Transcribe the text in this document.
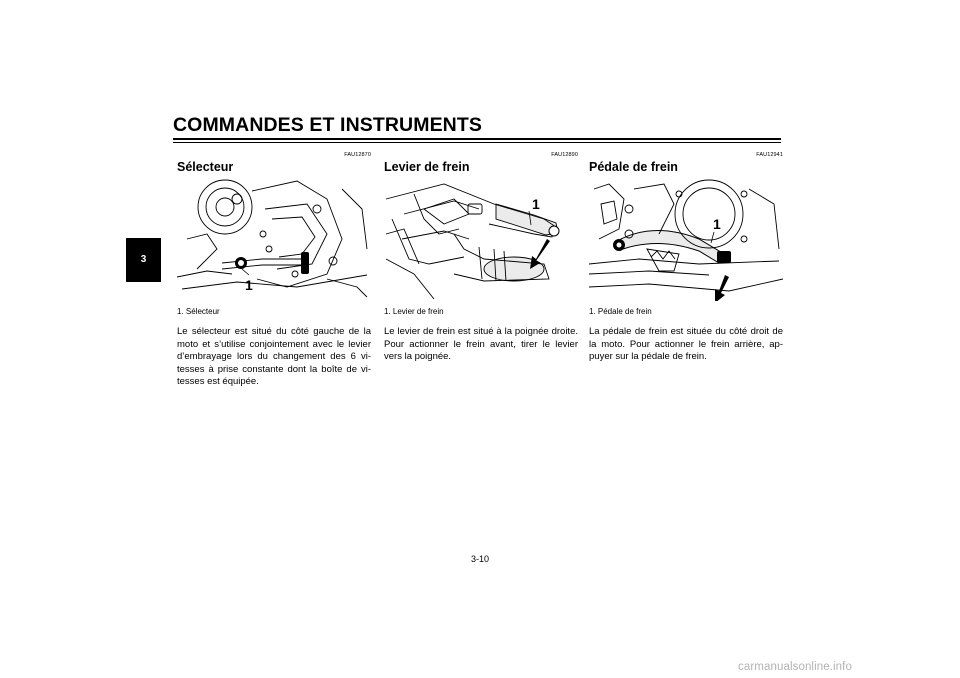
COMMANDES ET INSTRUMENTS
3
FAU12870
Sélecteur
1
1. Sélecteur

Le sélecteur est situé du côté gauche de la moto et s’utilise conjointement avec le levier d’embrayage lors du changement des 6 vi-tesses à prise constante dont la boîte de vi-tesses est équipée.

FAU12890
Levier de frein
1
1. Levier de frein

Le levier de frein est situé à la poignée droite. Pour actionner le frein avant, tirer le levier vers la poignée.

FAU12941
Pédale de frein
1
1. Pédale de frein

La pédale de frein est située du côté droit de la moto. Pour actionner le frein arrière, ap-puyer sur la pédale de frein.

3-10
carmanualsonline.info
